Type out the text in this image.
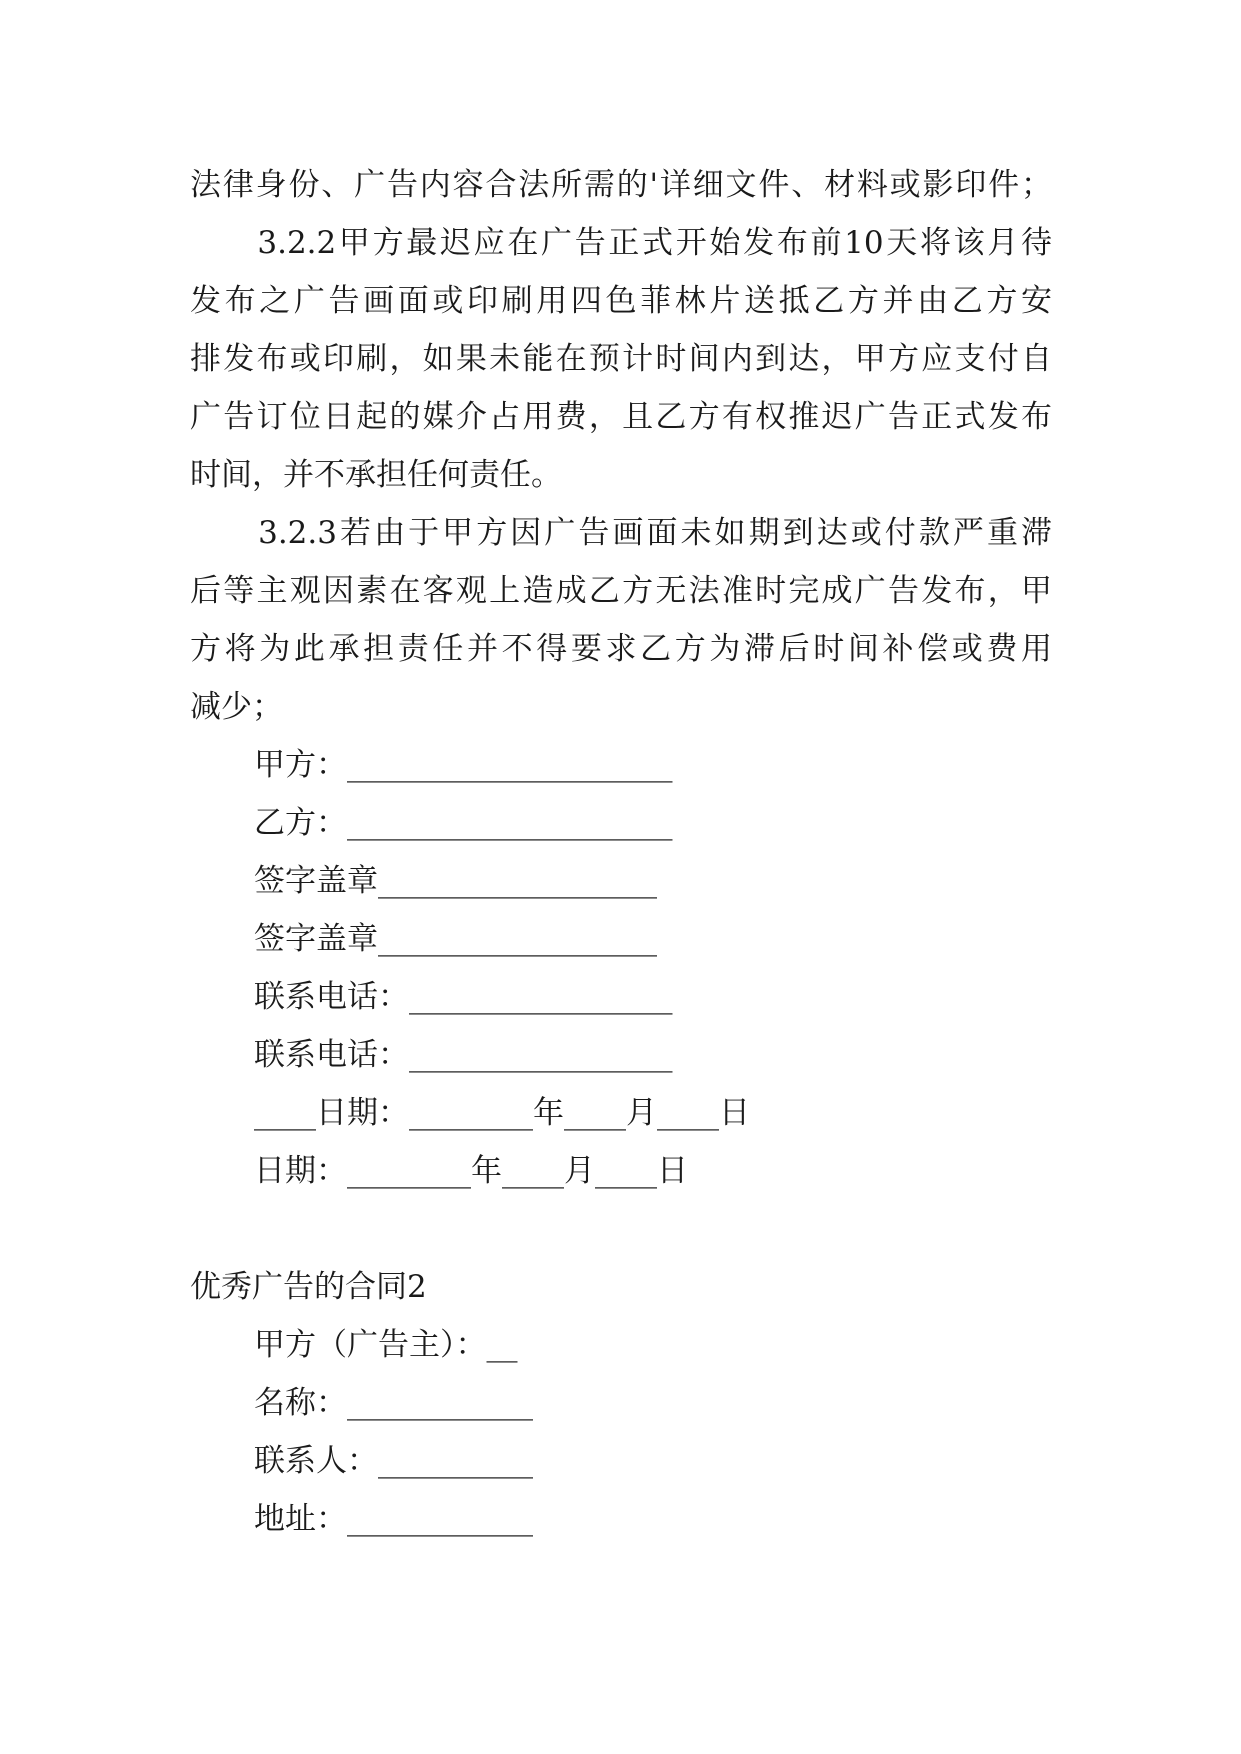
法律身份、广告内容合法所需的'详细文件、材料或影印件；
　　3.2.2甲方最迟应在广告正式开始发布前10天将该月待
发布之广告画面或印刷用四色菲林片送抵乙方并由乙方安
排发布或印刷，如果未能在预计时间内到达，甲方应支付自
广告订位日起的媒介占用费，且乙方有权推迟广告正式发布
时间，并不承担任何责任。
　　3.2.3若由于甲方因广告画面未如期到达或付款严重滞
后等主观因素在客观上造成乙方无法准时完成广告发布，甲
方将为此承担责任并不得要求乙方为滞后时间补偿或费用
减少；
甲方：_____________________
乙方：_____________________
签字盖章__________________
签字盖章__________________
联系电话：_________________
联系电话：_________________
____日期：________年____月____日
日期：________年____月____日
优秀广告的合同2
甲方（广告主）：__
名称：____________
联系人：__________
地址：____________
